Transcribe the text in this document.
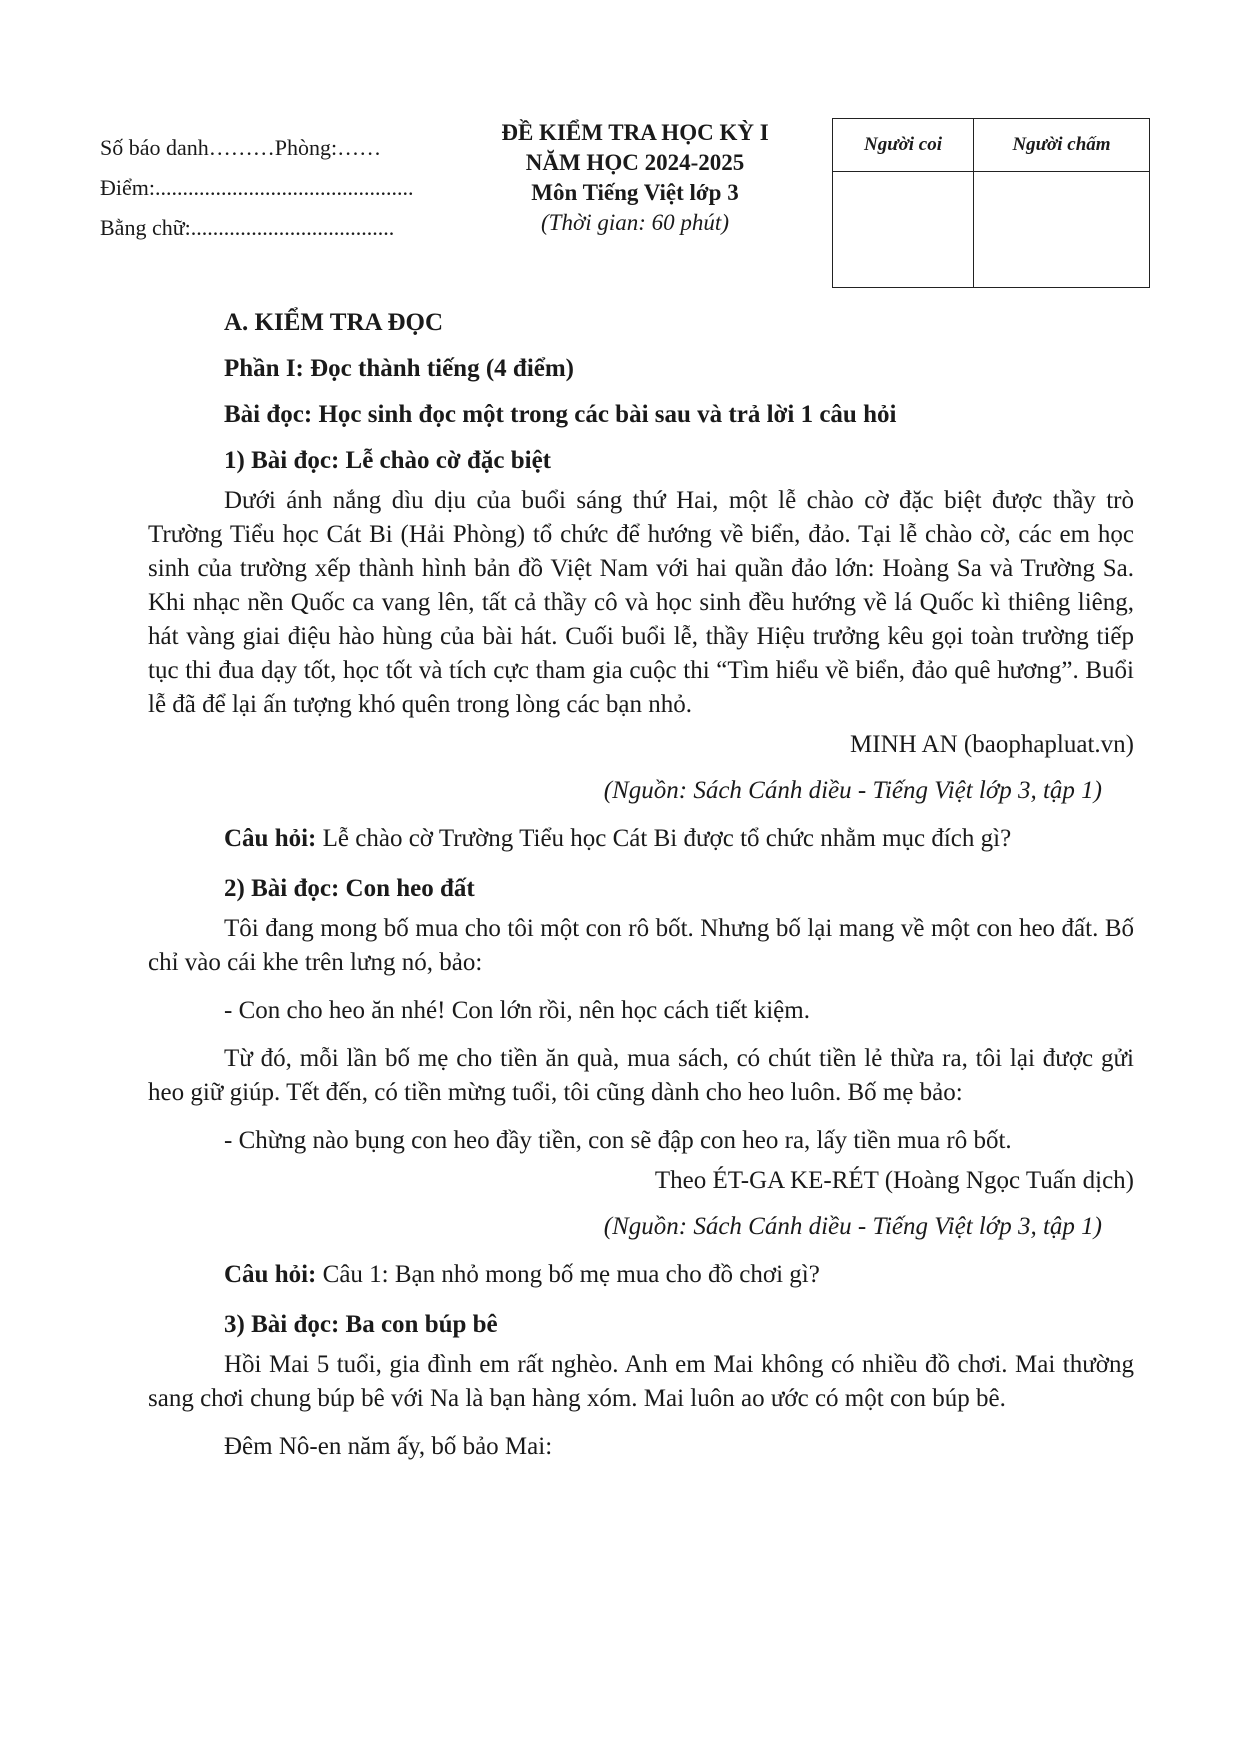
Số báo danh………Phòng:……
Điểm:...............................................
Bằng chữ:.....................................
ĐỀ KIỂM TRA HỌC KỲ I
NĂM HỌC 2024-2025
Môn Tiếng Việt lớp 3
(Thời gian: 60 phút)
Người coi	Người chấm

A. KIỂM TRA ĐỌC
Phần I: Đọc thành tiếng (4 điểm)
Bài đọc: Học sinh đọc một trong các bài sau và trả lời 1 câu hỏi
1) Bài đọc: Lễ chào cờ đặc biệt

Dưới ánh nắng dìu dịu của buổi sáng thứ Hai, một lễ chào cờ đặc biệt được thầy trò Trường Tiểu học Cát Bi (Hải Phòng) tổ chức để hướng về biển, đảo. Tại lễ chào cờ, các em học sinh của trường xếp thành hình bản đồ Việt Nam với hai quần đảo lớn: Hoàng Sa và Trường Sa. Khi nhạc nền Quốc ca vang lên, tất cả thầy cô và học sinh đều hướng về lá Quốc kì thiêng liêng, hát vàng giai điệu hào hùng của bài hát. Cuối buổi lễ, thầy Hiệu trưởng kêu gọi toàn trường tiếp tục thi đua dạy tốt, học tốt và tích cực tham gia cuộc thi “Tìm hiểu về biển, đảo quê hương”. Buổi lễ đã để lại ấn tượng khó quên trong lòng các bạn nhỏ.

MINH AN (baophapluat.vn)
(Nguồn: Sách Cánh diều - Tiếng Việt lớp 3, tập 1)

Câu hỏi: Lễ chào cờ Trường Tiểu học Cát Bi được tổ chức nhằm mục đích gì?

2) Bài đọc: Con heo đất

Tôi đang mong bố mua cho tôi một con rô bốt. Nhưng bố lại mang về một con heo đất. Bố chỉ vào cái khe trên lưng nó, bảo:

- Con cho heo ăn nhé! Con lớn rồi, nên học cách tiết kiệm.

Từ đó, mỗi lần bố mẹ cho tiền ăn quà, mua sách, có chút tiền lẻ thừa ra, tôi lại được gửi heo giữ giúp. Tết đến, có tiền mừng tuổi, tôi cũng dành cho heo luôn. Bố mẹ bảo:

- Chừng nào bụng con heo đầy tiền, con sẽ đập con heo ra, lấy tiền mua rô bốt.

Theo ÉT-GA KE-RÉT (Hoàng Ngọc Tuấn dịch)
(Nguồn: Sách Cánh diều - Tiếng Việt lớp 3, tập 1)

Câu hỏi: Câu 1: Bạn nhỏ mong bố mẹ mua cho đồ chơi gì?

3) Bài đọc: Ba con búp bê

Hồi Mai 5 tuổi, gia đình em rất nghèo. Anh em Mai không có nhiều đồ chơi. Mai thường sang chơi chung búp bê với Na là bạn hàng xóm. Mai luôn ao ước có một con búp bê.

Đêm Nô-en năm ấy, bố bảo Mai:
